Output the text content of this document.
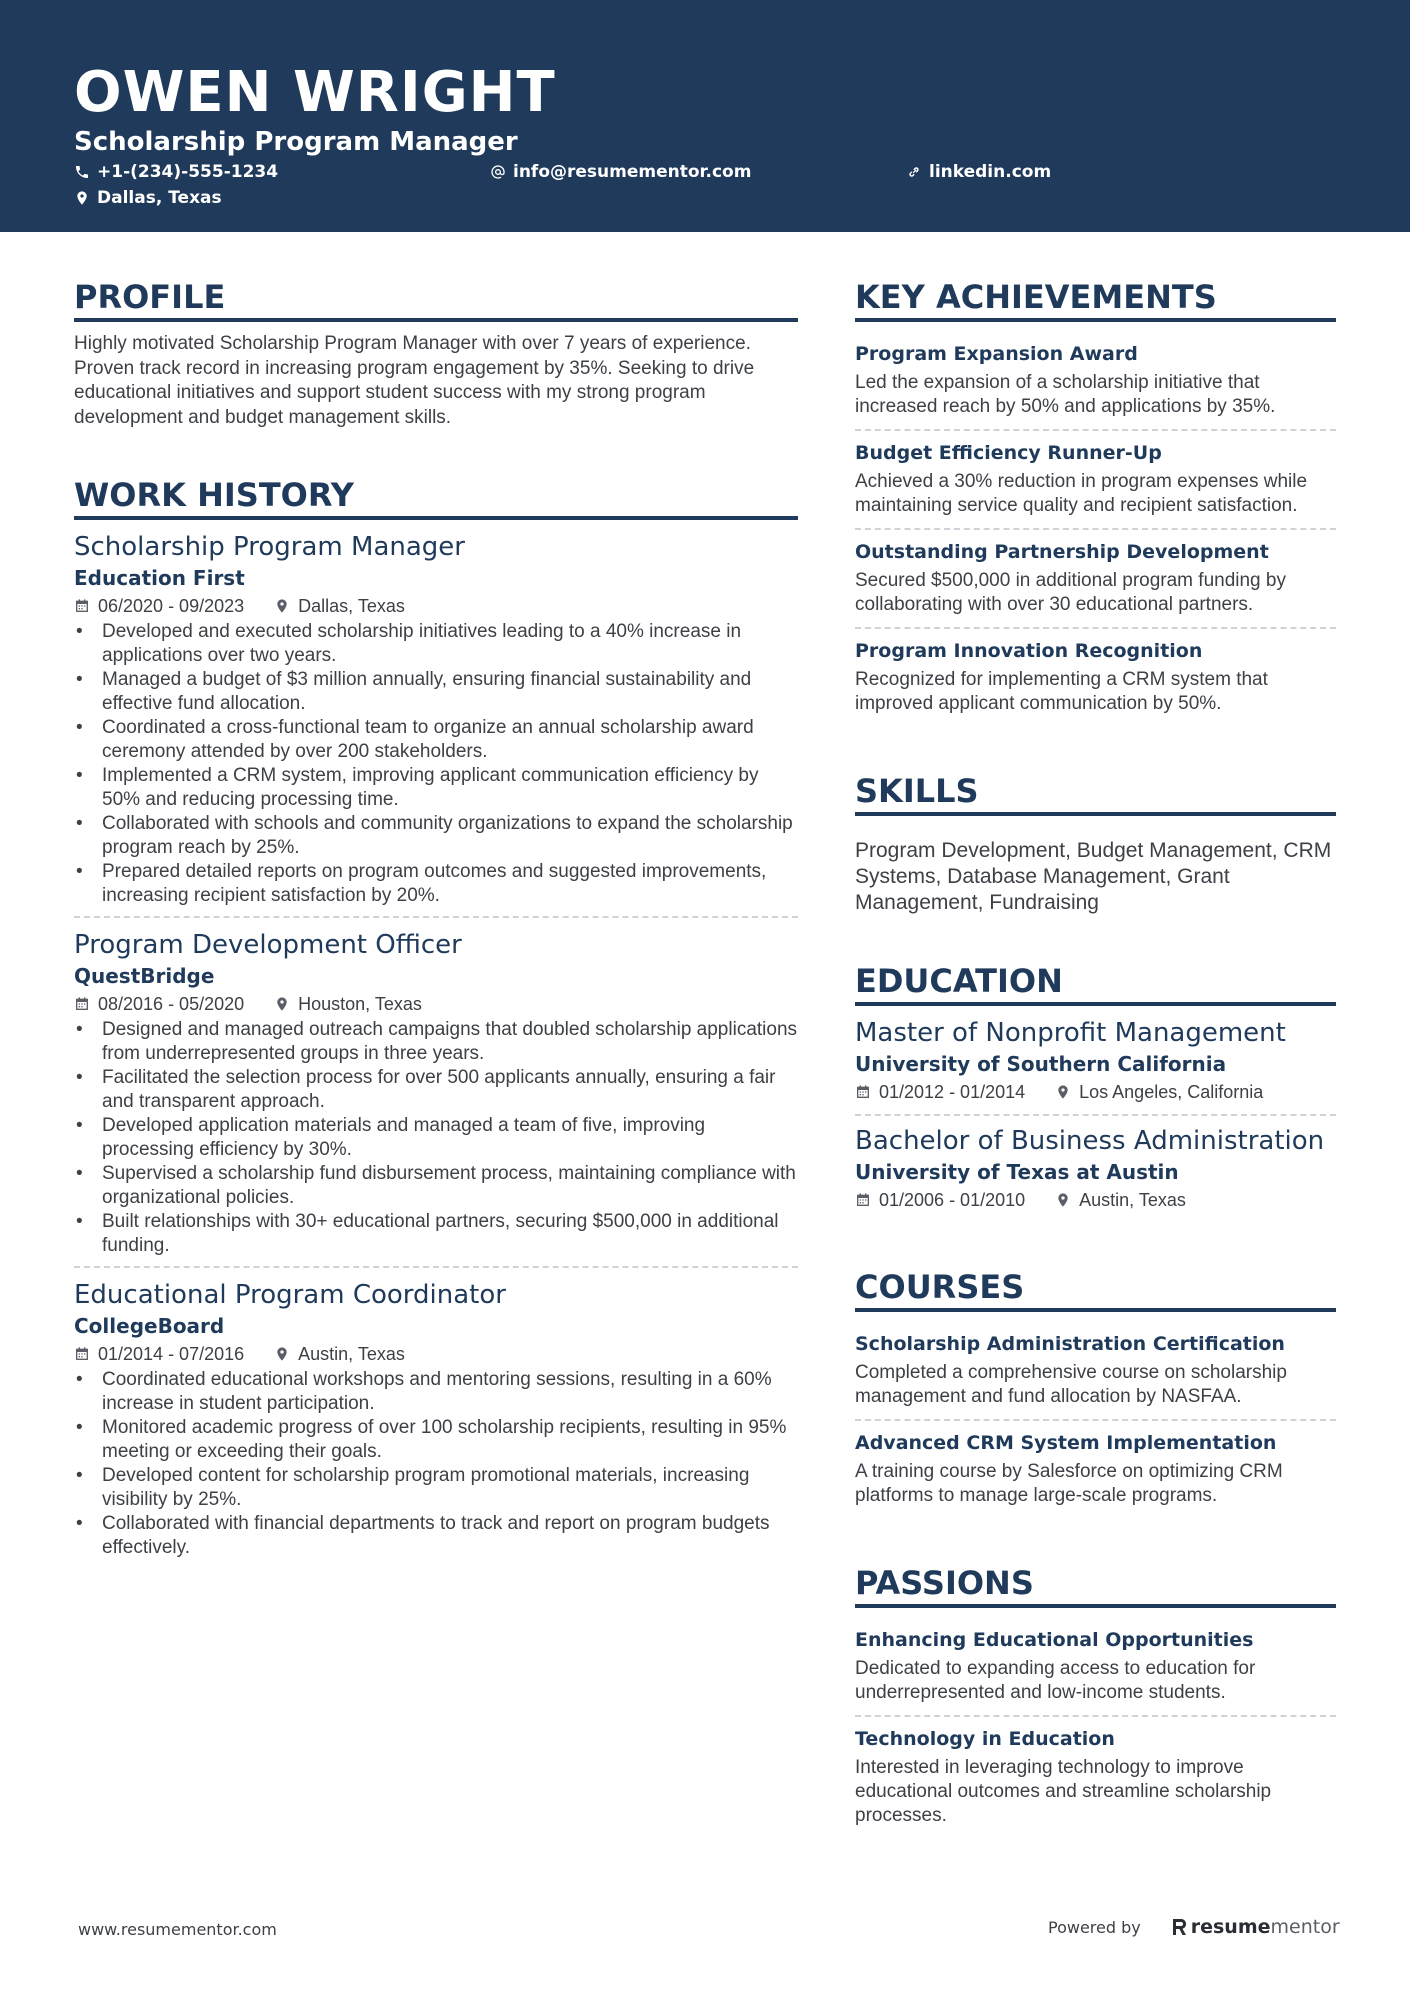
OWEN WRIGHT
Scholarship Program Manager
+1-(234)-555-1234	info@resumementor.com	linkedin.com
Dallas, Texas
PROFILE

Highly motivated Scholarship Program Manager with over 7 years of experience. Proven track record in increasing program engagement by 35%. Seeking to drive educational initiatives and support student success with my strong program development and budget management skills.

WORK HISTORY
Scholarship Program Manager
Education First
06/2020 - 09/2023	Dallas, Texas
• Developed and executed scholarship initiatives leading to a 40% increase in applications over two years.
• Managed a budget of $3 million annually, ensuring financial sustainability and effective fund allocation.
• Coordinated a cross-functional team to organize an annual scholarship award ceremony attended by over 200 stakeholders.
• Implemented a CRM system, improving applicant communication efficiency by 50% and reducing processing time.
• Collaborated with schools and community organizations to expand the scholarship program reach by 25%.
• Prepared detailed reports on program outcomes and suggested improvements, increasing recipient satisfaction by 20%.
Program Development Officer
QuestBridge
08/2016 - 05/2020	Houston, Texas
• Designed and managed outreach campaigns that doubled scholarship applications from underrepresented groups in three years.
• Facilitated the selection process for over 500 applicants annually, ensuring a fair and transparent approach.
• Developed application materials and managed a team of five, improving processing efficiency by 30%.
• Supervised a scholarship fund disbursement process, maintaining compliance with organizational policies.
• Built relationships with 30+ educational partners, securing $500,000 in additional funding.
Educational Program Coordinator
CollegeBoard
01/2014 - 07/2016	Austin, Texas
• Coordinated educational workshops and mentoring sessions, resulting in a 60% increase in student participation.
• Monitored academic progress of over 100 scholarship recipients, resulting in 95% meeting or exceeding their goals.
• Developed content for scholarship program promotional materials, increasing visibility by 25%.
• Collaborated with financial departments to track and report on program budgets effectively.
KEY ACHIEVEMENTS
Program Expansion Award
Led the expansion of a scholarship initiative that increased reach by 50% and applications by 35%.
Budget Efficiency Runner-Up
Achieved a 30% reduction in program expenses while maintaining service quality and recipient satisfaction.
Outstanding Partnership Development
Secured $500,000 in additional program funding by collaborating with over 30 educational partners.
Program Innovation Recognition
Recognized for implementing a CRM system that improved applicant communication by 50%.
SKILLS
Program Development, Budget Management, CRM Systems, Database Management, Grant Management, Fundraising
EDUCATION
Master of Nonprofit Management
University of Southern California
01/2012 - 01/2014	Los Angeles, California
Bachelor of Business Administration
University of Texas at Austin
01/2006 - 01/2010	Austin, Texas
COURSES
Scholarship Administration Certification
Completed a comprehensive course on scholarship management and fund allocation by NASFAA.
Advanced CRM System Implementation
A training course by Salesforce on optimizing CRM platforms to manage large-scale programs.
PASSIONS
Enhancing Educational Opportunities
Dedicated to expanding access to education for underrepresented and low-income students.
Technology in Education
Interested in leveraging technology to improve educational outcomes and streamline scholarship processes.
www.resumementor.com	Powered by	resume mentor
